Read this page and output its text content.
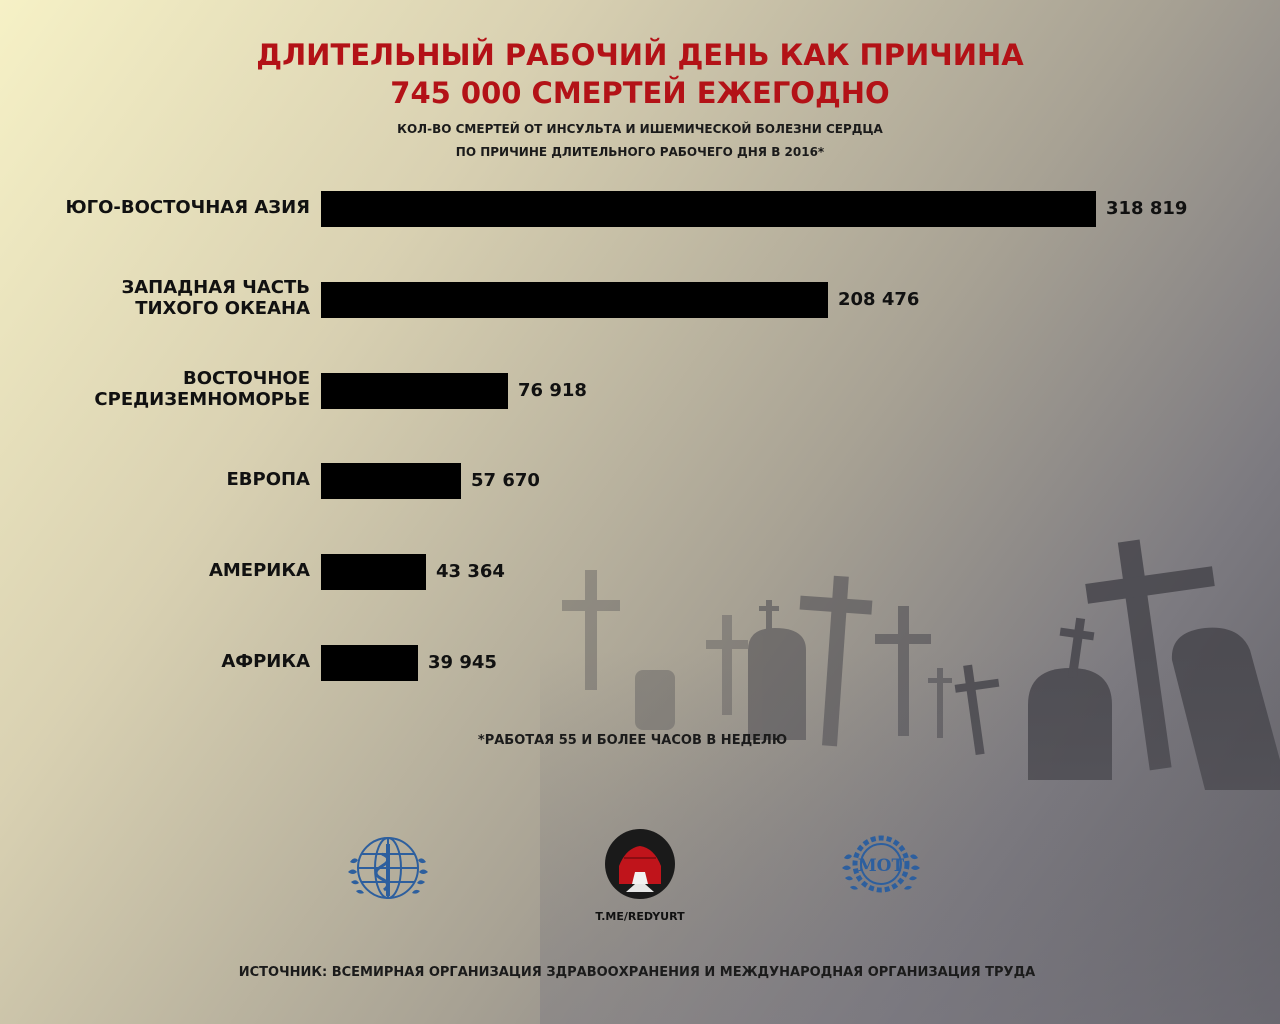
ДЛИТЕЛЬНЫЙ РАБОЧИЙ ДЕНЬ КАК ПРИЧИНА
745 000 СМЕРТЕЙ ЕЖЕГОДНО

КОЛ-ВО СМЕРТЕЙ ОТ ИНСУЛЬТА И ИШЕМИЧЕСКОЙ БОЛЕЗНИ СЕРДЦА
ПО ПРИЧИНЕ ДЛИТЕЛЬНОГО РАБОЧЕГО ДНЯ В 2016*

ЮГО-ВОСТОЧНАЯ АЗИЯ	318 819
ЗАПАДНАЯ ЧАСТЬ
ТИХОГО ОКЕАНА	208 476
ВОСТОЧНОЕ
СРЕДИЗЕМНОМОРЬЕ	76 918
ЕВРОПА	57 670
АМЕРИКА	43 364
АФРИКА	39 945
*РАБОТАЯ 55 И БОЛЕЕ ЧАСОВ В НЕДЕЛЮ
T.ME/REDYURT
МОТ
ИСТОЧНИК: ВСЕМИРНАЯ ОРГАНИЗАЦИЯ ЗДРАВООХРАНЕНИЯ И МЕЖДУНАРОДНАЯ ОРГАНИЗАЦИЯ ТРУДА
